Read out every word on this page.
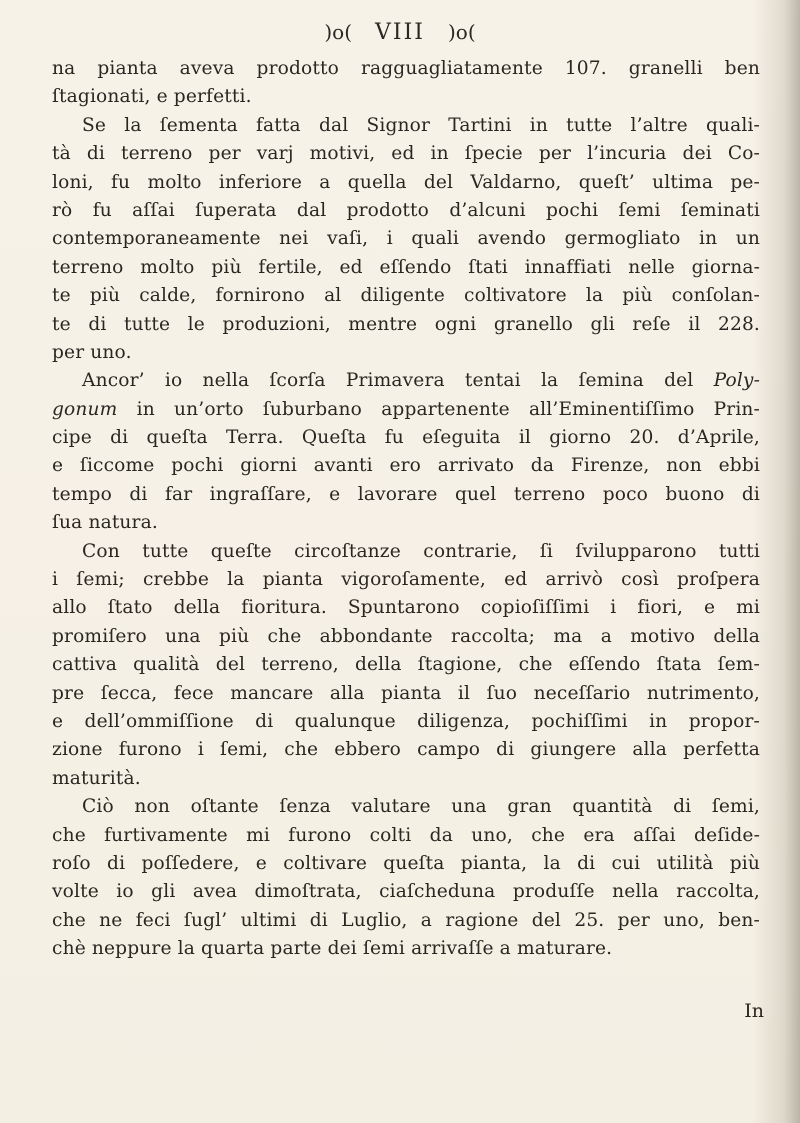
)o( VIII )o(
na pianta aveva prodotto ragguagliatamente 107. granelli ben
ſtagionati, e perfetti.
Se la ſementa fatta dal Signor Tartini in tutte l’altre quali-
tà di terreno per varj motivi, ed in ſpecie per l’incuria dei Co-
loni, fu molto inferiore a quella del Valdarno, queſt’ ultima pe-
rò fu aſſai ſuperata dal prodotto d’alcuni pochi ſemi ſeminati
contemporaneamente nei vaſi, i quali avendo germogliato in un
terreno molto più fertile, ed eſſendo ſtati innaffiati nelle giorna-
te più calde, fornirono al diligente coltivatore la più conſolan-
te di tutte le produzioni, mentre ogni granello gli reſe il 228.
per uno.
Ancor’ io nella ſcorſa Primavera tentai la ſemina del Poly-
gonum in un’orto ſuburbano appartenente all’Eminentiſſimo Prin-
cipe di queſta Terra. Queſta fu eſeguita il giorno 20. d’Aprile,
e ſiccome pochi giorni avanti ero arrivato da Firenze, non ebbi
tempo di far ingraſſare, e lavorare quel terreno poco buono di
ſua natura.
Con tutte queſte circoſtanze contrarie, ſi ſvilupparono tutti
i ſemi; crebbe la pianta vigoroſamente, ed arrivò così proſpera
allo ſtato della fioritura. Spuntarono copioſiſſimi i fiori, e mi
promiſero una più che abbondante raccolta; ma a motivo della
cattiva qualità del terreno, della ſtagione, che eſſendo ſtata ſem-
pre ſecca, fece mancare alla pianta il ſuo neceſſario nutrimento,
e dell’ommiſſione di qualunque diligenza, pochiſſimi in propor-
zione furono i ſemi, che ebbero campo di giungere alla perfetta
maturità.
Ciò non oſtante ſenza valutare una gran quantità di ſemi,
che furtivamente mi furono colti da uno, che era aſſai deſide-
roſo di poſſedere, e coltivare queſta pianta, la di cui utilità più
volte io gli avea dimoſtrata, ciaſcheduna produſſe nella raccolta,
che ne feci ſugl’ ultimi di Luglio, a ragione del 25. per uno, ben-
chè neppure la quarta parte dei ſemi arrivaſſe a maturare.
In
